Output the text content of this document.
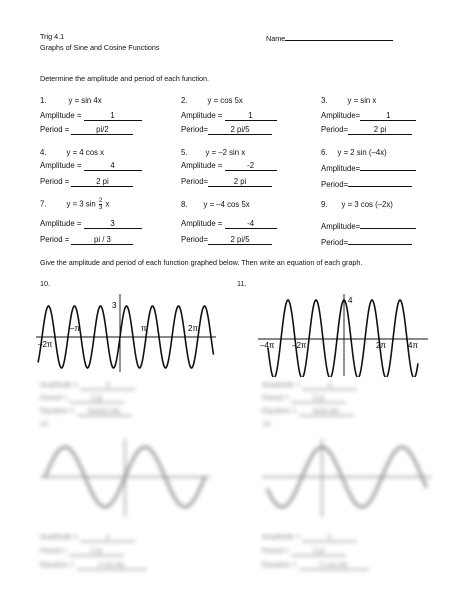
Trig 4.1
Graphs of Sine and Cosine Functions
Name
Determine the amplitude and period of each function.
1.	y = sin 4x
Amplitude =	1
Period =	pi/2
2.	y = cos 5x
Amplitude =	1
Period=	2 pi/5
3.	y = sin x
Amplitude=	1
Period=	2 pi
4.	y = 4 cos x
Amplitude =	4
Period =	2 pi
5. y = –2 sin x
Amplitude =	-2
Period=	2 pi
6. y = 2 sin (–4x)
Amplitude=
Period=
7.	y = 3 $\sin \frac{2}{3}$ x
Amplitude =	3
Period =	pi / 3
8. y = –4 cos 5x
Amplitude =	-4
Period=	2 pi/5
9. y = 3 cos (–2x)
Amplitude=
Period=
Give the amplitude and period of each function graphed below. Then write an equation of each graph.
10.
3
–π	π	2π
–2π
11.
4
–4π –2π	2π	4π
Amplitude =	3
Period =	2 pi
Equation = 3sin(x) etc
12.
Amplitude =	4
Period =	2 pi
Equation = 4cos etc
13.
Amplitude =	2
Period =	2 pi
Equation =	2 sin etc
Amplitude =	2
Period =	2 pi
Equation =	2 cos etc
